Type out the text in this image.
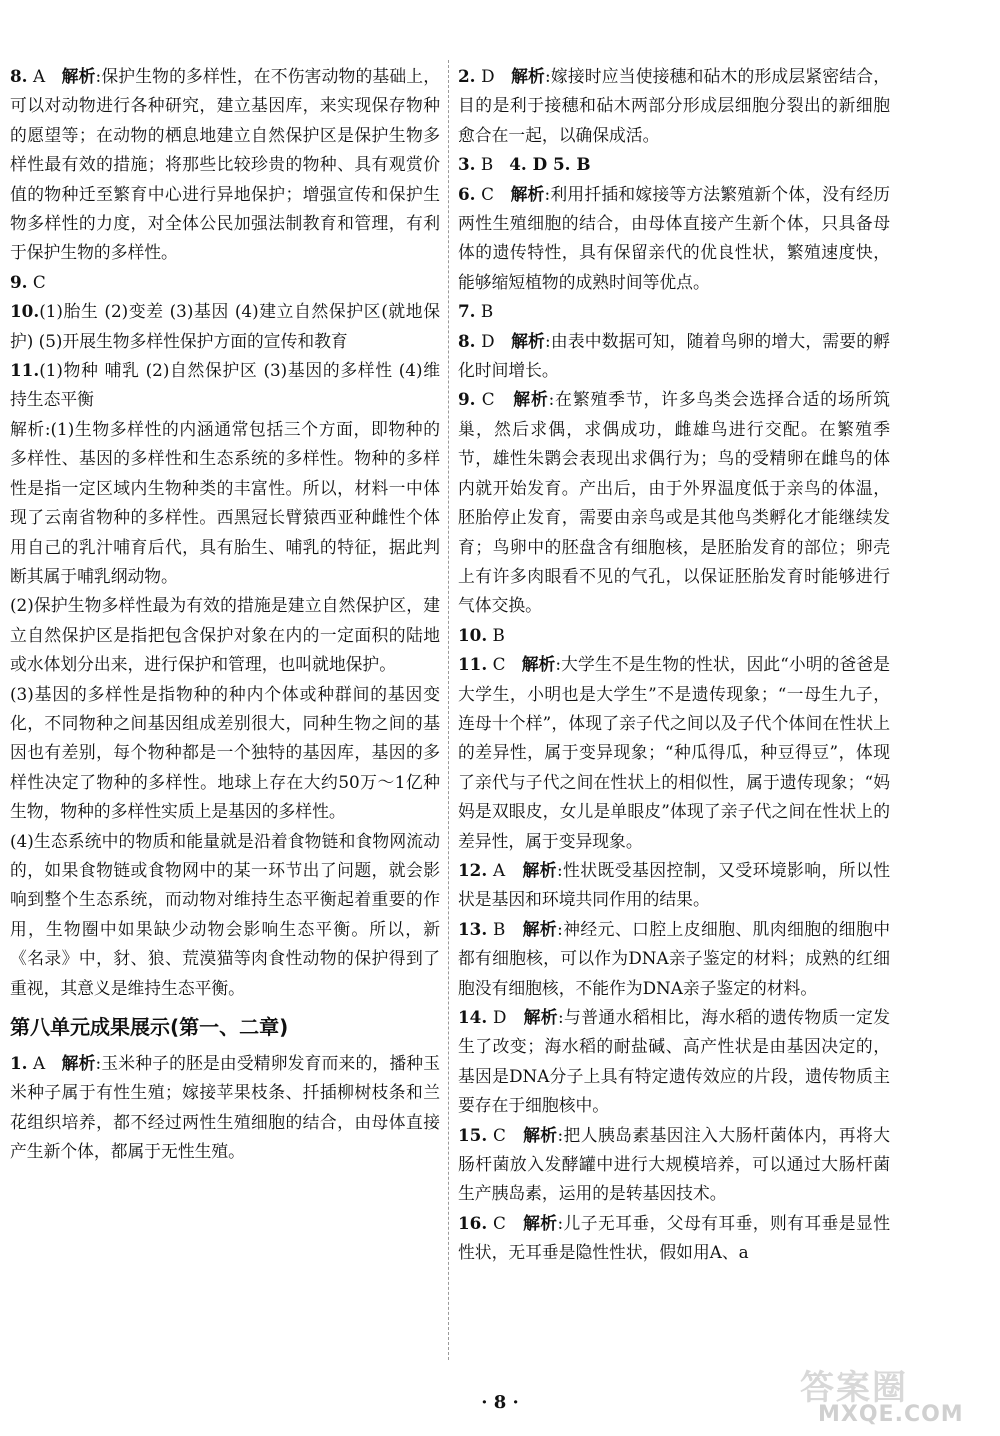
8. A 解析:保护生物的多样性，在不伤害动物的基础上，可以对动物进行各种研究，建立基因库，来实现保存物种的愿望等；在动物的栖息地建立自然保护区是保护生物多样性最有效的措施；将那些比较珍贵的物种、具有观赏价值的物种迁至繁育中心进行异地保护；增强宣传和保护生物多样性的力度，对全体公民加强法制教育和管理，有利于保护生物的多样性。
9. C
10.(1)胎生 (2)变差 (3)基因 (4)建立自然保护区(就地保护) (5)开展生物多样性保护方面的宣传和教育
11.(1)物种 哺乳 (2)自然保护区 (3)基因的多样性 (4)维持生态平衡
解析:(1)生物多样性的内涵通常包括三个方面，即物种的多样性、基因的多样性和生态系统的多样性。物种的多样性是指一定区域内生物种类的丰富性。所以，材料一中体现了云南省物种的多样性。西黑冠长臂猿西亚种雌性个体用自己的乳汁哺育后代，具有胎生、哺乳的特征，据此判断其属于哺乳纲动物。
(2)保护生物多样性最为有效的措施是建立自然保护区，建立自然保护区是指把包含保护对象在内的一定面积的陆地或水体划分出来，进行保护和管理，也叫就地保护。
(3)基因的多样性是指物种的种内个体或种群间的基因变化，不同物种之间基因组成差别很大，同种生物之间的基因也有差别，每个物种都是一个独特的基因库，基因的多样性决定了物种的多样性。地球上存在大约50万～1亿种生物，物种的多样性实质上是基因的多样性。
(4)生态系统中的物质和能量就是沿着食物链和食物网流动的，如果食物链或食物网中的某一环节出了问题，就会影响到整个生态系统，而动物对维持生态平衡起着重要的作用，生物圈中如果缺少动物会影响生态平衡。所以，新《名录》中，豺、狼、荒漠猫等肉食性动物的保护得到了重视，其意义是维持生态平衡。
第八单元成果展示(第一、二章)
1. A 解析:玉米种子的胚是由受精卵发育而来的，播种玉米种子属于有性生殖；嫁接苹果枝条、扦插柳树枝条和兰花组织培养，都不经过两性生殖细胞的结合，由母体直接产生新个体，都属于无性生殖。
2. D 解析:嫁接时应当使接穗和砧木的形成层紧密结合，目的是利于接穗和砧木两部分形成层细胞分裂出的新细胞愈合在一起，以确保成活。
3. B 4. D 5. B
6. C 解析:利用扦插和嫁接等方法繁殖新个体，没有经历两性生殖细胞的结合，由母体直接产生新个体，只具备母体的遗传特性，具有保留亲代的优良性状，繁殖速度快，能够缩短植物的成熟时间等优点。
7. B
8. D 解析:由表中数据可知，随着鸟卵的增大，需要的孵化时间增长。
9. C 解析:在繁殖季节，许多鸟类会选择合适的场所筑巢，然后求偶，求偶成功，雌雄鸟进行交配。在繁殖季节，雄性朱鹮会表现出求偶行为；鸟的受精卵在雌鸟的体内就开始发育。产出后，由于外界温度低于亲鸟的体温，胚胎停止发育，需要由亲鸟或是其他鸟类孵化才能继续发育；鸟卵中的胚盘含有细胞核，是胚胎发育的部位；卵壳上有许多肉眼看不见的气孔，以保证胚胎发育时能够进行气体交换。
10. B
11. C 解析:大学生不是生物的性状，因此“小明的爸爸是大学生，小明也是大学生”不是遗传现象；“一母生九子，连母十个样”，体现了亲子代之间以及子代个体间在性状上的差异性，属于变异现象；“种瓜得瓜，种豆得豆”，体现了亲代与子代之间在性状上的相似性，属于遗传现象；“妈妈是双眼皮，女儿是单眼皮”体现了亲子代之间在性状上的差异性，属于变异现象。
12. A 解析:性状既受基因控制，又受环境影响，所以性状是基因和环境共同作用的结果。
13. B 解析:神经元、口腔上皮细胞、肌肉细胞的细胞中都有细胞核，可以作为DNA亲子鉴定的材料；成熟的红细胞没有细胞核，不能作为DNA亲子鉴定的材料。
14. D 解析:与普通水稻相比，海水稻的遗传物质一定发生了改变；海水稻的耐盐碱、高产性状是由基因决定的，基因是DNA分子上具有特定遗传效应的片段，遗传物质主要存在于细胞核中。
15. C 解析:把人胰岛素基因注入大肠杆菌体内，再将大肠杆菌放入发酵罐中进行大规模培养，可以通过大肠杆菌生产胰岛素，运用的是转基因技术。
16. C 解析:儿子无耳垂，父母有耳垂，则有耳垂是显性性状，无耳垂是隐性性状，假如用A、a
· 8 ·	答案圈
MXQE.COM
